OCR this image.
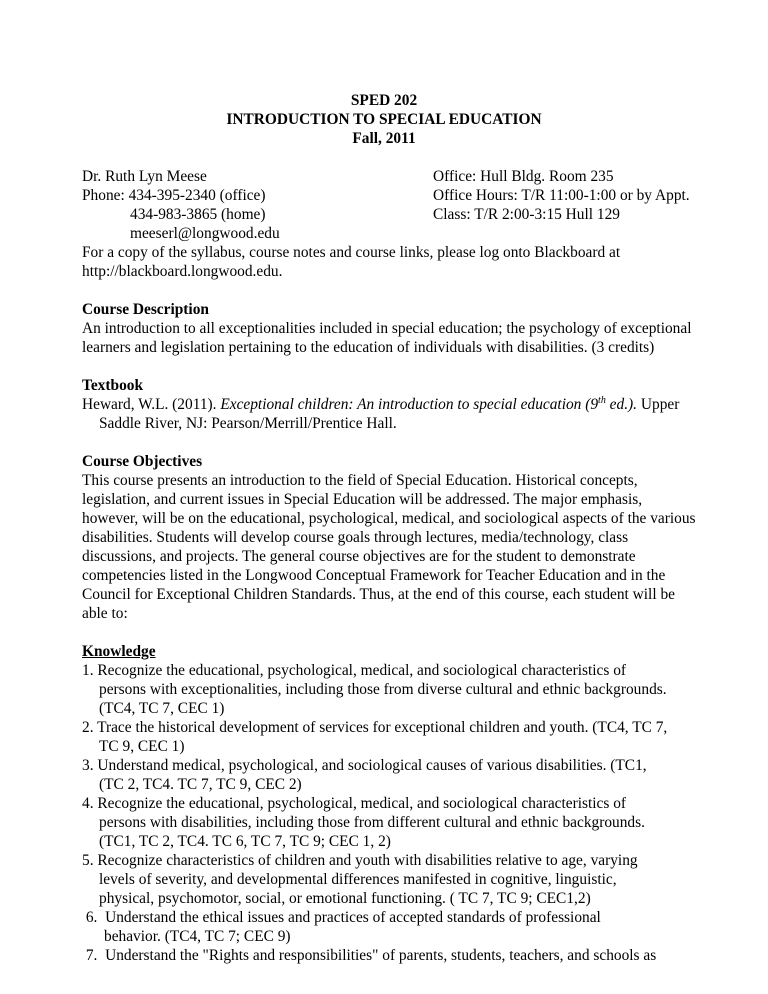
SPED 202
INTRODUCTION TO SPECIAL EDUCATION
Fall, 2011
Dr. Ruth Lyn Meese
Phone: 434-395-2340 (office)
434-983-3865 (home)
meeserl@longwood.edu
Office: Hull Bldg. Room 235
Office Hours: T/R 11:00-1:00 or by Appt.
Class: T/R 2:00-3:15 Hull 129
For a copy of the syllabus, course notes and course links, please log onto Blackboard at
http://blackboard.longwood.edu.
Course Description
An introduction to all exceptionalities included in special education; the psychology of exceptional
learners and legislation pertaining to the education of individuals with disabilities. (3 credits)
Textbook
Heward, W.L. (2011). Exceptional children: An introduction to special education (9th ed.). Upper
Saddle River, NJ: Pearson/Merrill/Prentice Hall.
Course Objectives
This course presents an introduction to the field of Special Education. Historical concepts,
legislation, and current issues in Special Education will be addressed. The major emphasis,
however, will be on the educational, psychological, medical, and sociological aspects of the various
disabilities. Students will develop course goals through lectures, media/technology, class
discussions, and projects. The general course objectives are for the student to demonstrate
competencies listed in the Longwood Conceptual Framework for Teacher Education and in the
Council for Exceptional Children Standards. Thus, at the end of this course, each student will be
able to:
Knowledge
1. Recognize the educational, psychological, medical, and sociological characteristics of
persons with exceptionalities, including those from diverse cultural and ethnic backgrounds.
(TC4, TC 7, CEC 1)
2. Trace the historical development of services for exceptional children and youth. (TC4, TC 7,
TC 9, CEC 1)
3. Understand medical, psychological, and sociological causes of various disabilities. (TC1,
(TC 2, TC4. TC 7, TC 9, CEC 2)
4. Recognize the educational, psychological, medical, and sociological characteristics of
persons with disabilities, including those from different cultural and ethnic backgrounds.
(TC1, TC 2, TC4. TC 6, TC 7, TC 9; CEC 1, 2)
5. Recognize characteristics of children and youth with disabilities relative to age, varying
levels of severity, and developmental differences manifested in cognitive, linguistic,
physical, psychomotor, social, or emotional functioning. ( TC 7, TC 9; CEC1,2)
6.  Understand the ethical issues and practices of accepted standards of professional
behavior. (TC4, TC 7; CEC 9)
7.  Understand the "Rights and responsibilities" of parents, students, teachers, and schools as
